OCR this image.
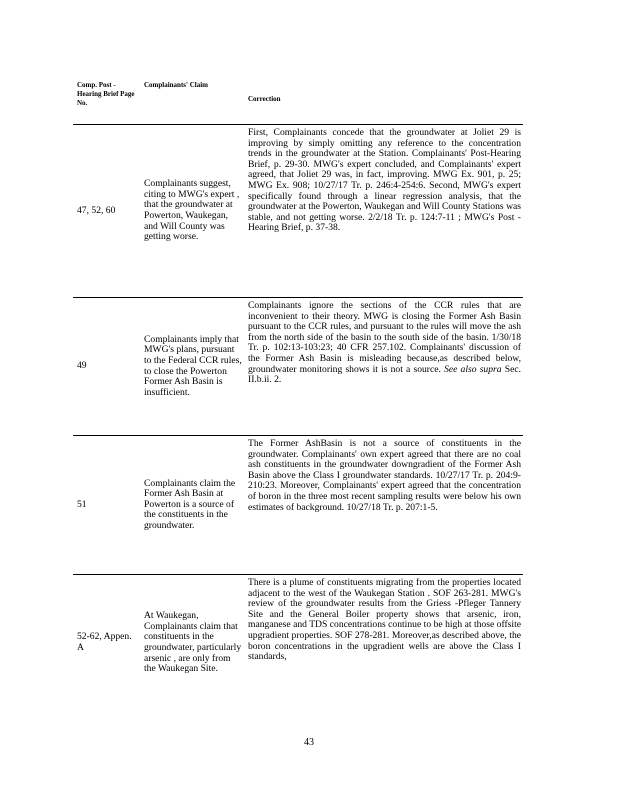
Comp. Post - Hearing Brief Page No.
Complainants' Claim
Correction
47, 52, 60
Complainants suggest, citing to MWG's expert , that the groundwater at Powerton, Waukegan, and Will County was getting worse.
First, Complainants concede that the groundwater at Joliet 29 is improving by simply omitting any reference to the concentration trends in the groundwater at the Station. Complainants' Post-Hearing Brief, p. 29-30. MWG's expert concluded, and Complainants' expert agreed, that Joliet 29 was, in fact, improving. MWG Ex. 901, p. 25; MWG Ex. 908; 10/27/17 Tr. p. 246:4-254:6. Second, MWG's expert specifically found through a linear regression analysis, that the groundwater at the Powerton, Waukegan and Will County Stations was stable, and not getting worse. 2/2/18 Tr. p. 124:7-11 ; MWG's Post -Hearing Brief, p. 37-38.
49
Complainants imply that MWG's plans, pursuant to the Federal CCR rules, to close the Powerton Former Ash Basin is insufficient.
Complainants ignore the sections of the CCR rules that are inconvenient to their theory. MWG is closing the Former Ash Basin pursuant to the CCR rules, and pursuant to the rules will move the ash from the north side of the basin to the south side of the basin. 1/30/18 Tr. p. 102:13-103:23; 40 CFR 257.102. Complainants' discussion of the Former Ash Basin is misleading because,as described below, groundwater monitoring shows it is not a source. See also supra Sec. II.b.ii. 2.
51
Complainants claim the Former Ash Basin at Powerton is a source of the constituents in the groundwater.
The Former AshBasin is not a source of constituents in the groundwater. Complainants' own expert agreed that there are no coal ash constituents in the groundwater downgradient of the Former Ash Basin above the Class I groundwater standards. 10/27/17 Tr. p. 204:9-210:23. Moreover, Complainants' expert agreed that the concentration of boron in the three most recent sampling results were below his own estimates of background. 10/27/18 Tr. p. 207:1-5.
52-62, Appen. A
At Waukegan, Complainants claim that constituents in the groundwater, particularly arsenic , are only from the Waukegan Site.
There is a plume of constituents migrating from the properties located adjacent to the west of the Waukegan Station . SOF 263-281. MWG's review of the groundwater results from the Griess -Pfleger Tannery Site and the General Boiler property shows that arsenic, iron, manganese and TDS concentrations continue to be high at those offsite upgradient properties. SOF 278-281. Moreover,as described above, the boron concentrations in the upgradient wells are above the Class I standards,
43
